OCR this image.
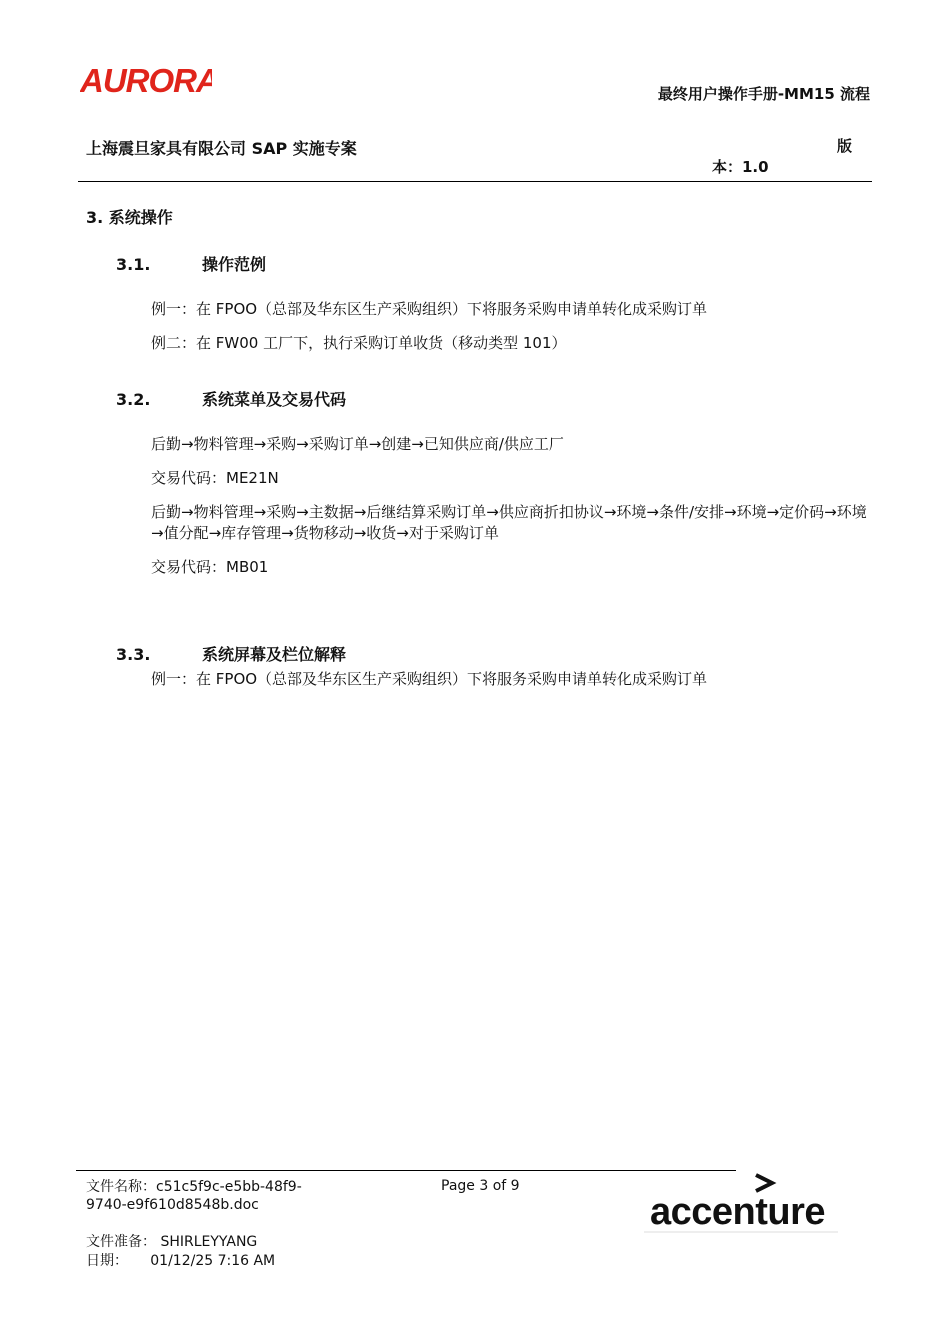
AURORA	最终用户操作手册-MM15 流程
上海震旦家具有限公司 SAP 实施专案	版
本：1.0
3. 系统操作
3.1.	操作范例
例一：在 FPOO（总部及华东区生产采购组织）下将服务采购申请单转化成采购订单
例二：在 FW00 工厂下，执行采购订单收货（移动类型 101）
3.2.	系统菜单及交易代码
后勤→物料管理→采购→采购订单→创建→已知供应商/供应工厂
交易代码：ME21N
后勤→物料管理→采购→主数据→后继结算采购订单→供应商折扣协议→环境→条件/安排→环境→定价码→环境→值分配→库存管理→货物移动→收货→对于采购订单
交易代码：MB01
3.3.	系统屏幕及栏位解释
例一：在 FPOO（总部及华东区生产采购组织）下将服务采购申请单转化成采购订单
文件名称：c51c5f9c-e5bb-48f9-
9740-e9f610d8548b.doc
Page 3 of 9
文件准备： SHIRLEYYANG
日期：     01/12/25 7:16 AM
accenture
